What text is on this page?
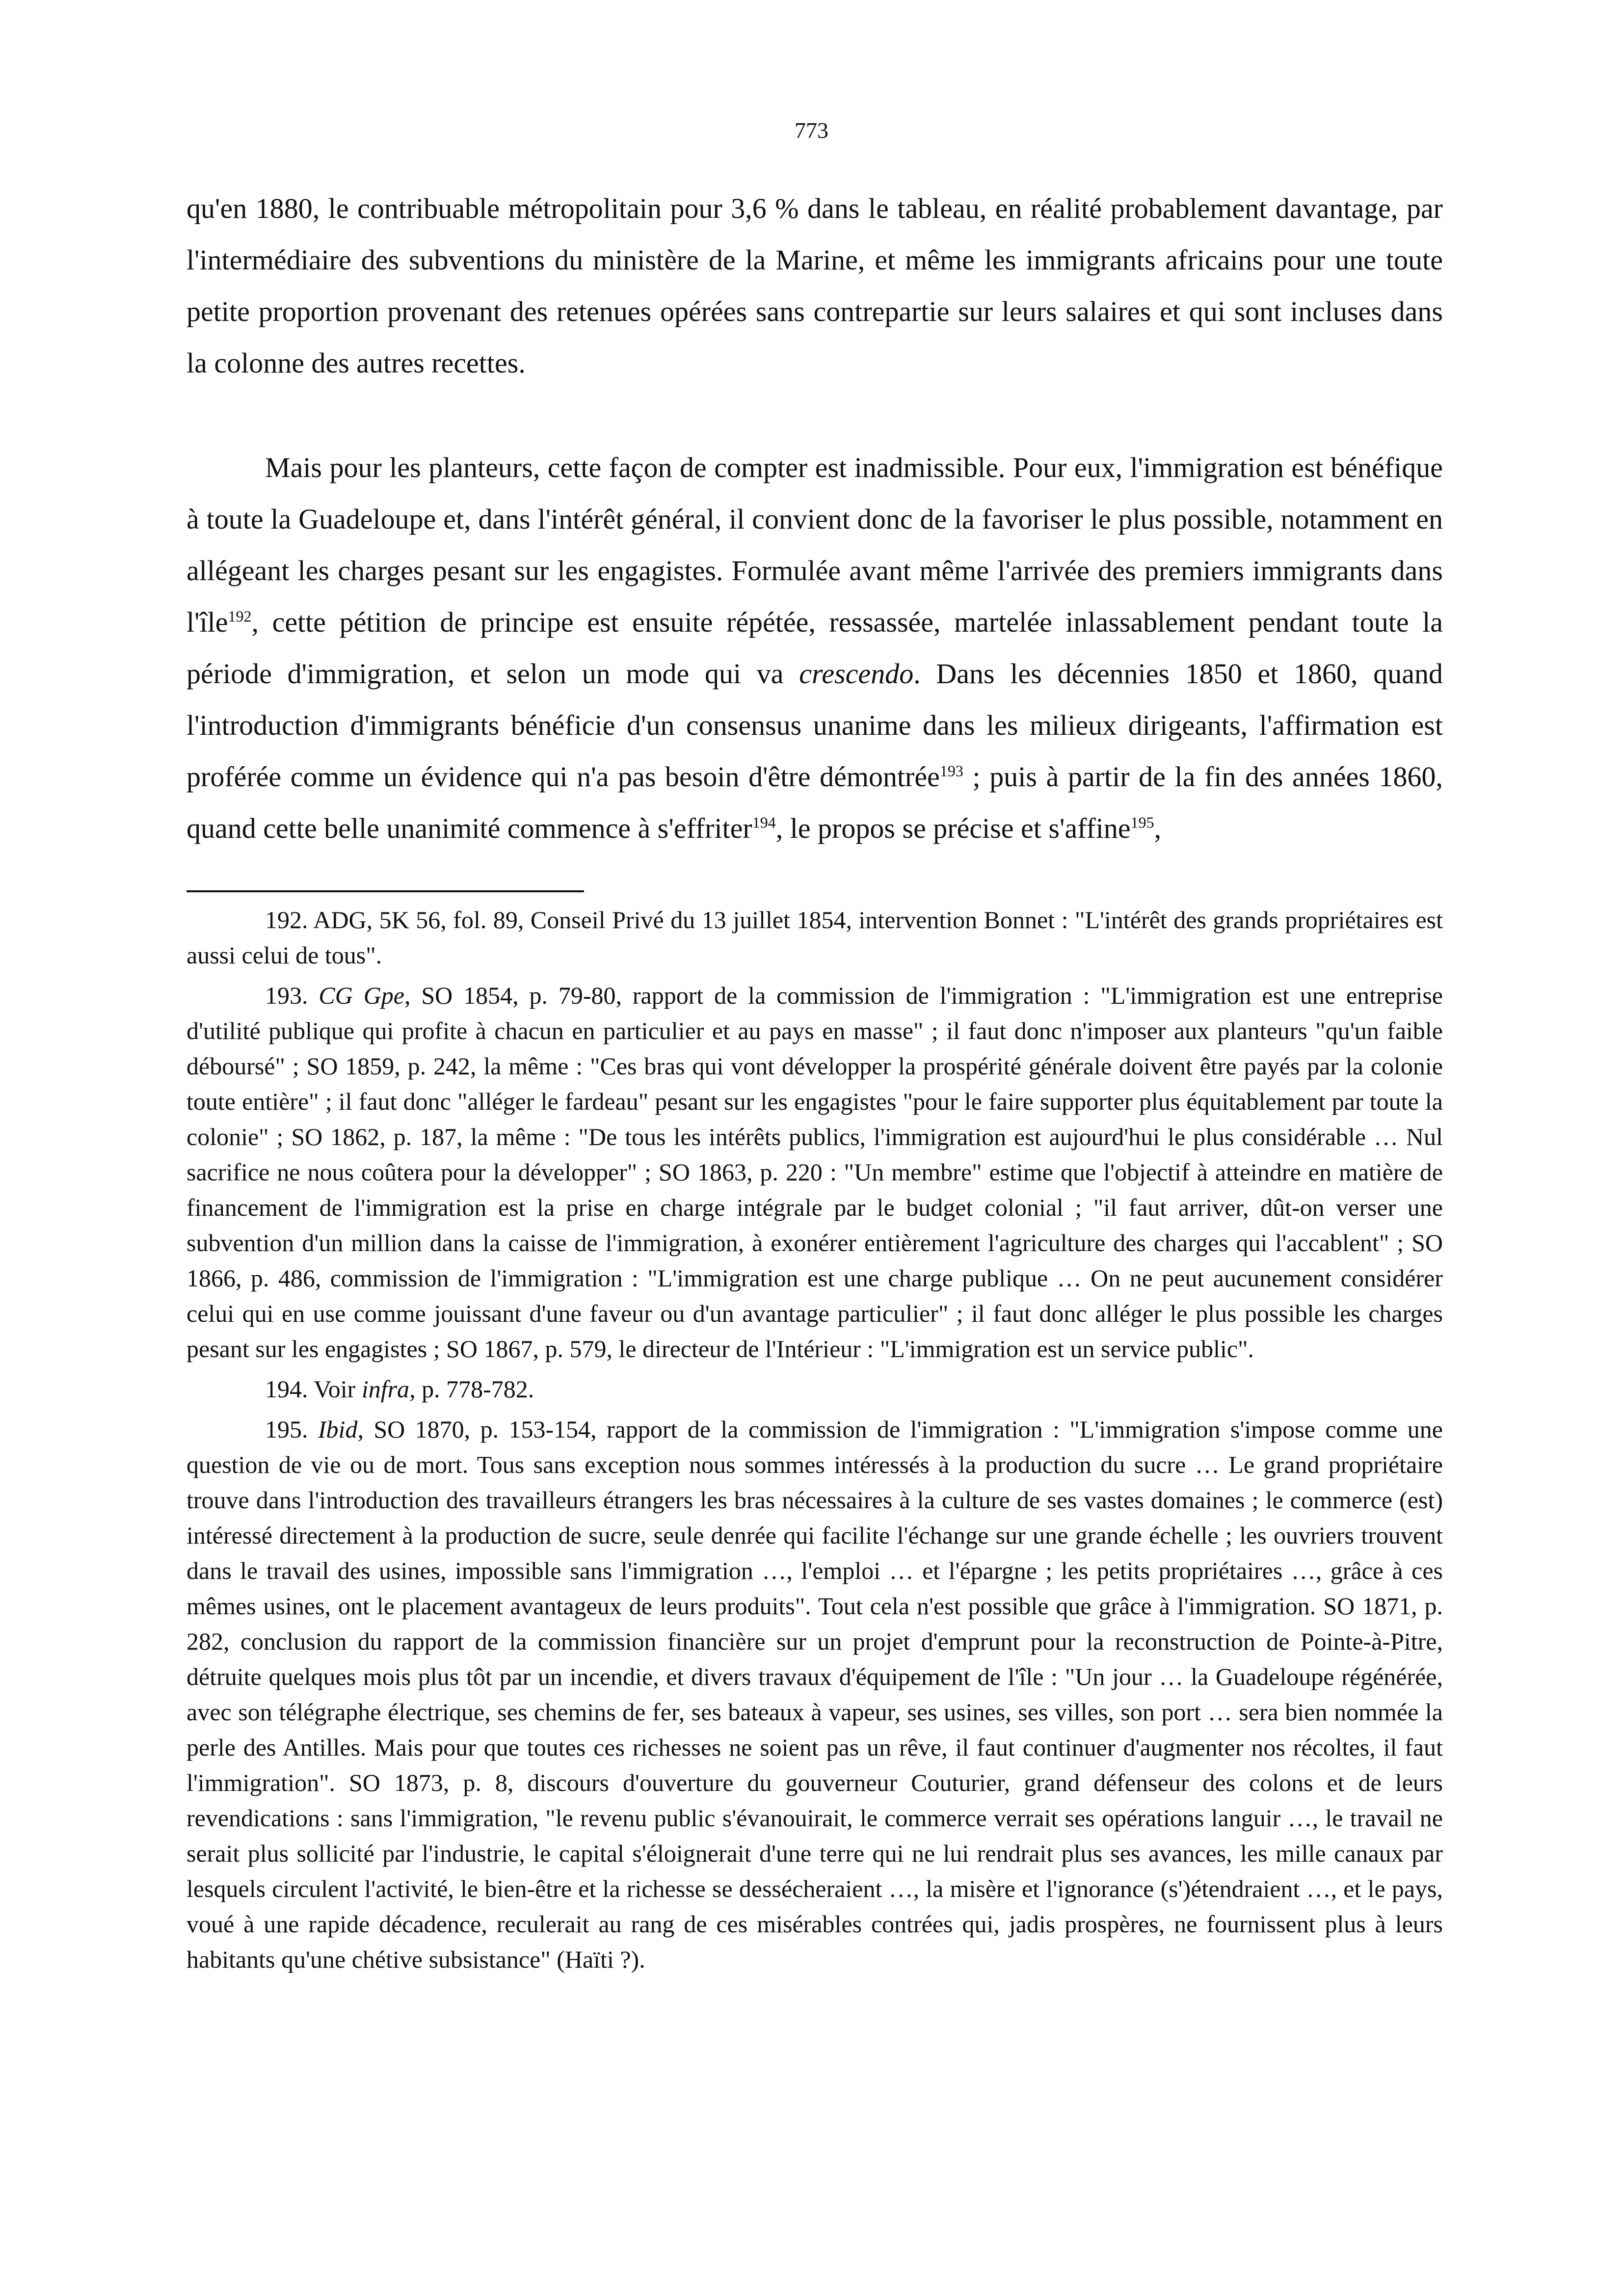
773

qu'en 1880, le contribuable métropolitain pour 3,6 % dans le tableau, en réalité probablement davantage, par l'intermédiaire des subventions du ministère de la Marine, et même les immigrants africains pour une toute petite proportion provenant des retenues opérées sans contrepartie sur leurs salaires et qui sont incluses dans la colonne des autres recettes.

Mais pour les planteurs, cette façon de compter est inadmissible. Pour eux, l'immigration est bénéfique à toute la Guadeloupe et, dans l'intérêt général, il convient donc de la favoriser le plus possible, notamment en allégeant les charges pesant sur les engagistes. Formulée avant même l'arrivée des premiers immigrants dans l'île$^{192}$, cette pétition de principe est ensuite répétée, ressassée, martelée inlassablement pendant toute la période d'immigration, et selon un mode qui va crescendo. Dans les décennies 1850 et 1860, quand l'introduction d'immigrants bénéficie d'un consensus unanime dans les milieux dirigeants, l'affirmation est proférée comme un évidence qui n'a pas besoin d'être démontrée$^{193}$ ; puis à partir de la fin des années 1860, quand cette belle unanimité commence à s'effriter$^{194}$, le propos se précise et s'affine$^{195}$,

192. ADG, 5K 56, fol. 89, Conseil Privé du 13 juillet 1854, intervention Bonnet : "L'intérêt des grands propriétaires est aussi celui de tous".

193. CG Gpe, SO 1854, p. 79-80, rapport de la commission de l'immigration : "L'immigration est une entreprise d'utilité publique qui profite à chacun en particulier et au pays en masse" ; il faut donc n'imposer aux planteurs "qu'un faible déboursé" ; SO 1859, p. 242, la même : "Ces bras qui vont développer la prospérité générale doivent être payés par la colonie toute entière" ; il faut donc "alléger le fardeau" pesant sur les engagistes "pour le faire supporter plus équitablement par toute la colonie" ; SO 1862, p. 187, la même : "De tous les intérêts publics, l'immigration est aujourd'hui le plus considérable … Nul sacrifice ne nous coûtera pour la développer" ; SO 1863, p. 220 : "Un membre" estime que l'objectif à atteindre en matière de financement de l'immigration est la prise en charge intégrale par le budget colonial ; "il faut arriver, dût-on verser une subvention d'un million dans la caisse de l'immigration, à exonérer entièrement l'agriculture des charges qui l'accablent" ; SO 1866, p. 486, commission de l'immigration : "L'immigration est une charge publique … On ne peut aucunement considérer celui qui en use comme jouissant d'une faveur ou d'un avantage particulier" ; il faut donc alléger le plus possible les charges pesant sur les engagistes ; SO 1867, p. 579, le directeur de l'Intérieur : "L'immigration est un service public".

194. Voir infra, p. 778-782.

195. Ibid, SO 1870, p. 153-154, rapport de la commission de l'immigration : "L'immigration s'impose comme une question de vie ou de mort. Tous sans exception nous sommes intéressés à la production du sucre … Le grand propriétaire trouve dans l'introduction des travailleurs étrangers les bras nécessaires à la culture de ses vastes domaines ; le commerce (est) intéressé directement à la production de sucre, seule denrée qui facilite l'échange sur une grande échelle ; les ouvriers trouvent dans le travail des usines, impossible sans l'immigration …, l'emploi … et l'épargne ; les petits propriétaires …, grâce à ces mêmes usines, ont le placement avantageux de leurs produits". Tout cela n'est possible que grâce à l'immigration. SO 1871, p. 282, conclusion du rapport de la commission financière sur un projet d'emprunt pour la reconstruction de Pointe-à-Pitre, détruite quelques mois plus tôt par un incendie, et divers travaux d'équipement de l'île : "Un jour … la Guadeloupe régénérée, avec son télégraphe électrique, ses chemins de fer, ses bateaux à vapeur, ses usines, ses villes, son port … sera bien nommée la perle des Antilles. Mais pour que toutes ces richesses ne soient pas un rêve, il faut continuer d'augmenter nos récoltes, il faut l'immigration". SO 1873, p. 8, discours d'ouverture du gouverneur Couturier, grand défenseur des colons et de leurs revendications : sans l'immigration, "le revenu public s'évanouirait, le commerce verrait ses opérations languir …, le travail ne serait plus sollicité par l'industrie, le capital s'éloignerait d'une terre qui ne lui rendrait plus ses avances, les mille canaux par lesquels circulent l'activité, le bien-être et la richesse se dessécheraient …, la misère et l'ignorance (s')étendraient …, et le pays, voué à une rapide décadence, reculerait au rang de ces misérables contrées qui, jadis prospères, ne fournissent plus à leurs habitants qu'une chétive subsistance" (Haïti ?).
